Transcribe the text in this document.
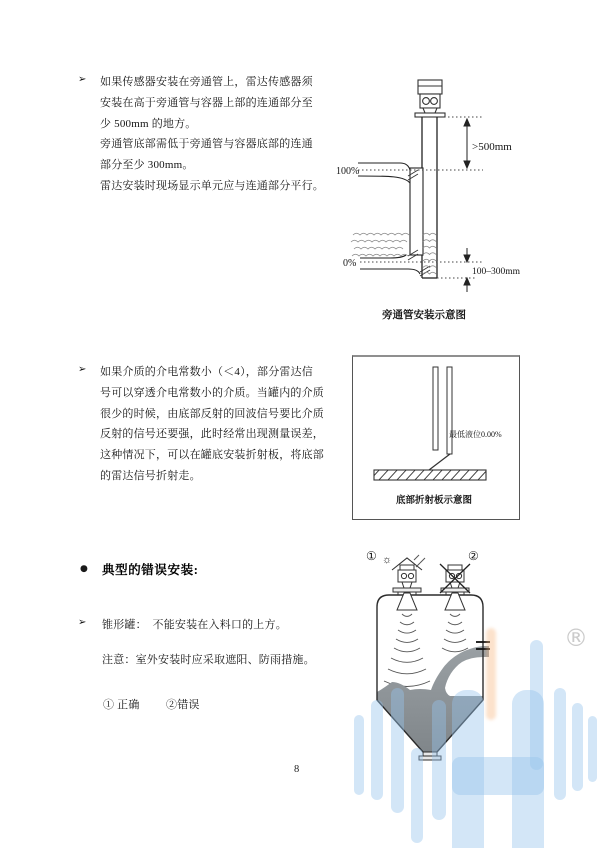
➢ 如果传感器安装在旁通管上，雷达传感器须
安装在高于旁通管与容器上部的连通部分至
少 500mm 的地方。
旁通管底部需低于旁通管与容器底部的连通
部分至少 300mm。
雷达安装时现场显示单元应与连通部分平行。
100%
0%
>500mm
100–300mm
旁通管安装示意图
➢ 如果介质的介电常数小（＜4），部分雷达信
号可以穿透介电常数小的介质。当罐内的介质
很少的时候，由底部反射的回波信号要比介质
反射的信号还要强，此时经常出现测量误差，
这种情况下，可以在罐底安装折射板，将底部
的雷达信号折射走。
最低液位0.00%
底部折射板示意图
● 典型的错误安装:
➢ 锥形罐：　不能安装在入料口的上方。
注意：室外安装时应采取遮阳、防雨措施。
① 正确 ②错误
☼
①	②
®
8
